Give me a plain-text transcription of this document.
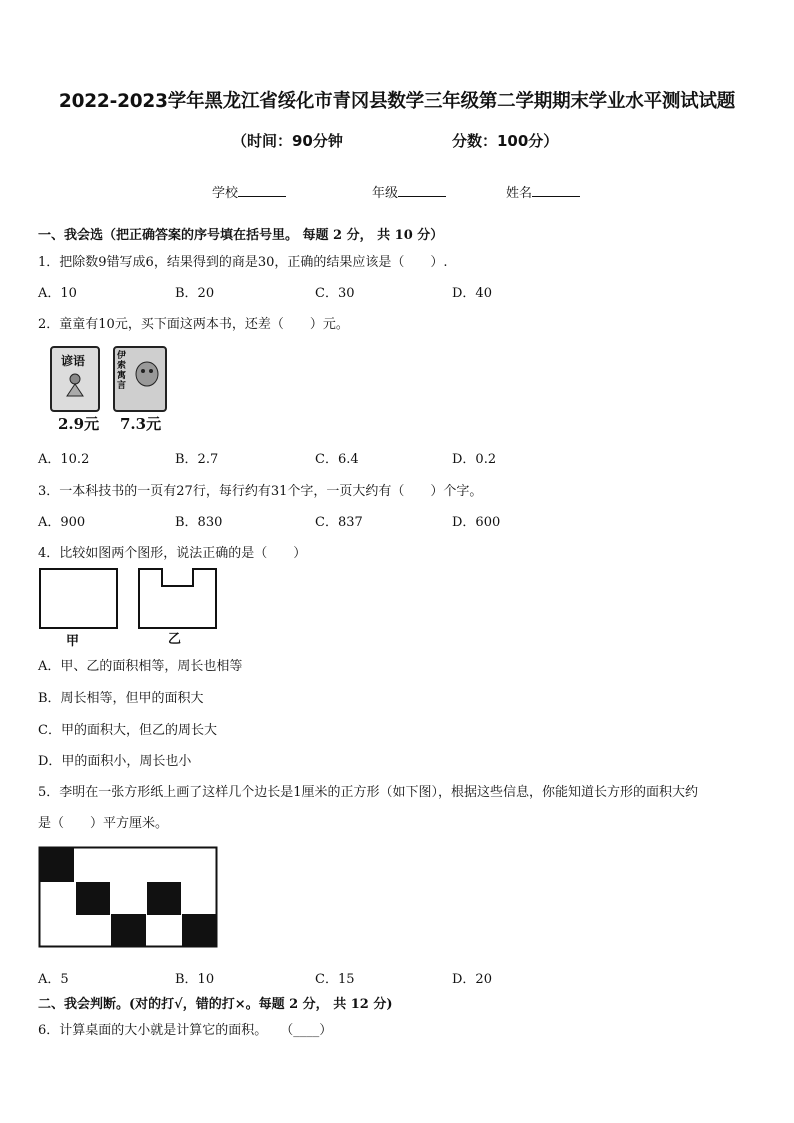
2022-2023学年黑龙江省绥化市青冈县数学三年级第二学期期末学业水平测试试题
（时间：90分钟	分数：100分）
学校	年级	姓名
一、我会选（把正确答案的序号填在括号里。 每题 2 分， 共 10 分）
1．把除数9错写成6，结果得到的商是30，正确的结果应该是（　　）.
A．10	B．20	C．30	D．40
2．童童有10元，买下面这两本书，还差（　　）元。
谚语	伊索寓言
2.9元 7.3元
A．10.2	B．2.7	C．6.4	D．0.2
3．一本科技书的一页有27行，每行约有31个字，一页大约有（　　）个字。
A．900	B．830	C．837	D．600
4．比较如图两个图形，说法正确的是（　　）
甲	乙
A．甲、乙的面积相等，周长也相等
B．周长相等，但甲的面积大
C．甲的面积大，但乙的周长大
D．甲的面积小，周长也小
5．李明在一张方形纸上画了这样几个边长是1厘米的正方形（如下图），根据这些信息，你能知道长方形的面积大约
是（　　）平方厘米。
A．5	B．10	C．15	D．20
二、我会判断。(对的打√，错的打×。每题 2 分， 共 12 分)
6．计算桌面的大小就是计算它的面积。　　（____）
